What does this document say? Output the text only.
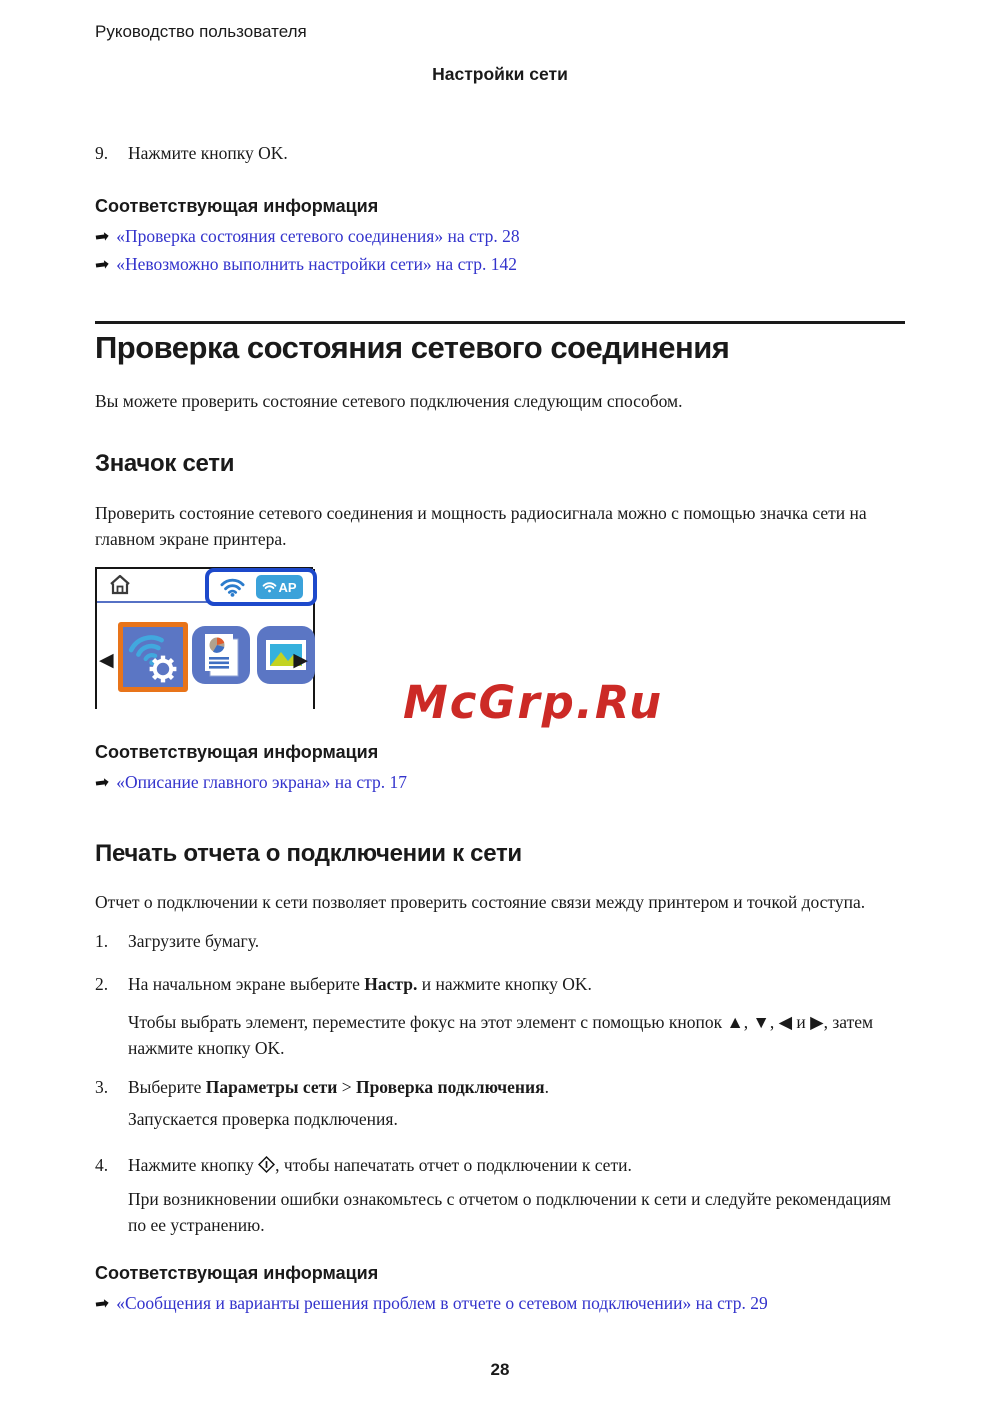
Руководство пользователя
Настройки сети
9. Нажмите кнопку OK.
Соответствующая информация
➡ «Проверка состояния сетевого соединения» на стр. 28
➡ «Невозможно выполнить настройки сети» на стр. 142
Проверка состояния сетевого соединения
Вы можете проверить состояние сетевого подключения следующим способом.
Значок сети
Проверить состояние сетевого соединения и мощность радиосигнала можно с помощью значка сети на главном экране принтера.
AP
◀	▶
McGrp.Ru
Соответствующая информация
➡ «Описание главного экрана» на стр. 17
Печать отчета о подключении к сети
Отчет о подключении к сети позволяет проверить состояние связи между принтером и точкой доступа.
1. Загрузите бумагу.
2. На начальном экране выберите Настр. и нажмите кнопку OK.
Чтобы выбрать элемент, переместите фокус на этот элемент с помощью кнопок ▲, ▼, ◀ и ▶, затем нажмите кнопку OK.
3. Выберите Параметры сети > Проверка подключения.
Запускается проверка подключения.
4. Нажмите кнопку , чтобы напечатать отчет о подключении к сети.
При возникновении ошибки ознакомьтесь с отчетом о подключении к сети и следуйте рекомендациям по ее устранению.
Соответствующая информация
➡ «Сообщения и варианты решения проблем в отчете о сетевом подключении» на стр. 29
28
